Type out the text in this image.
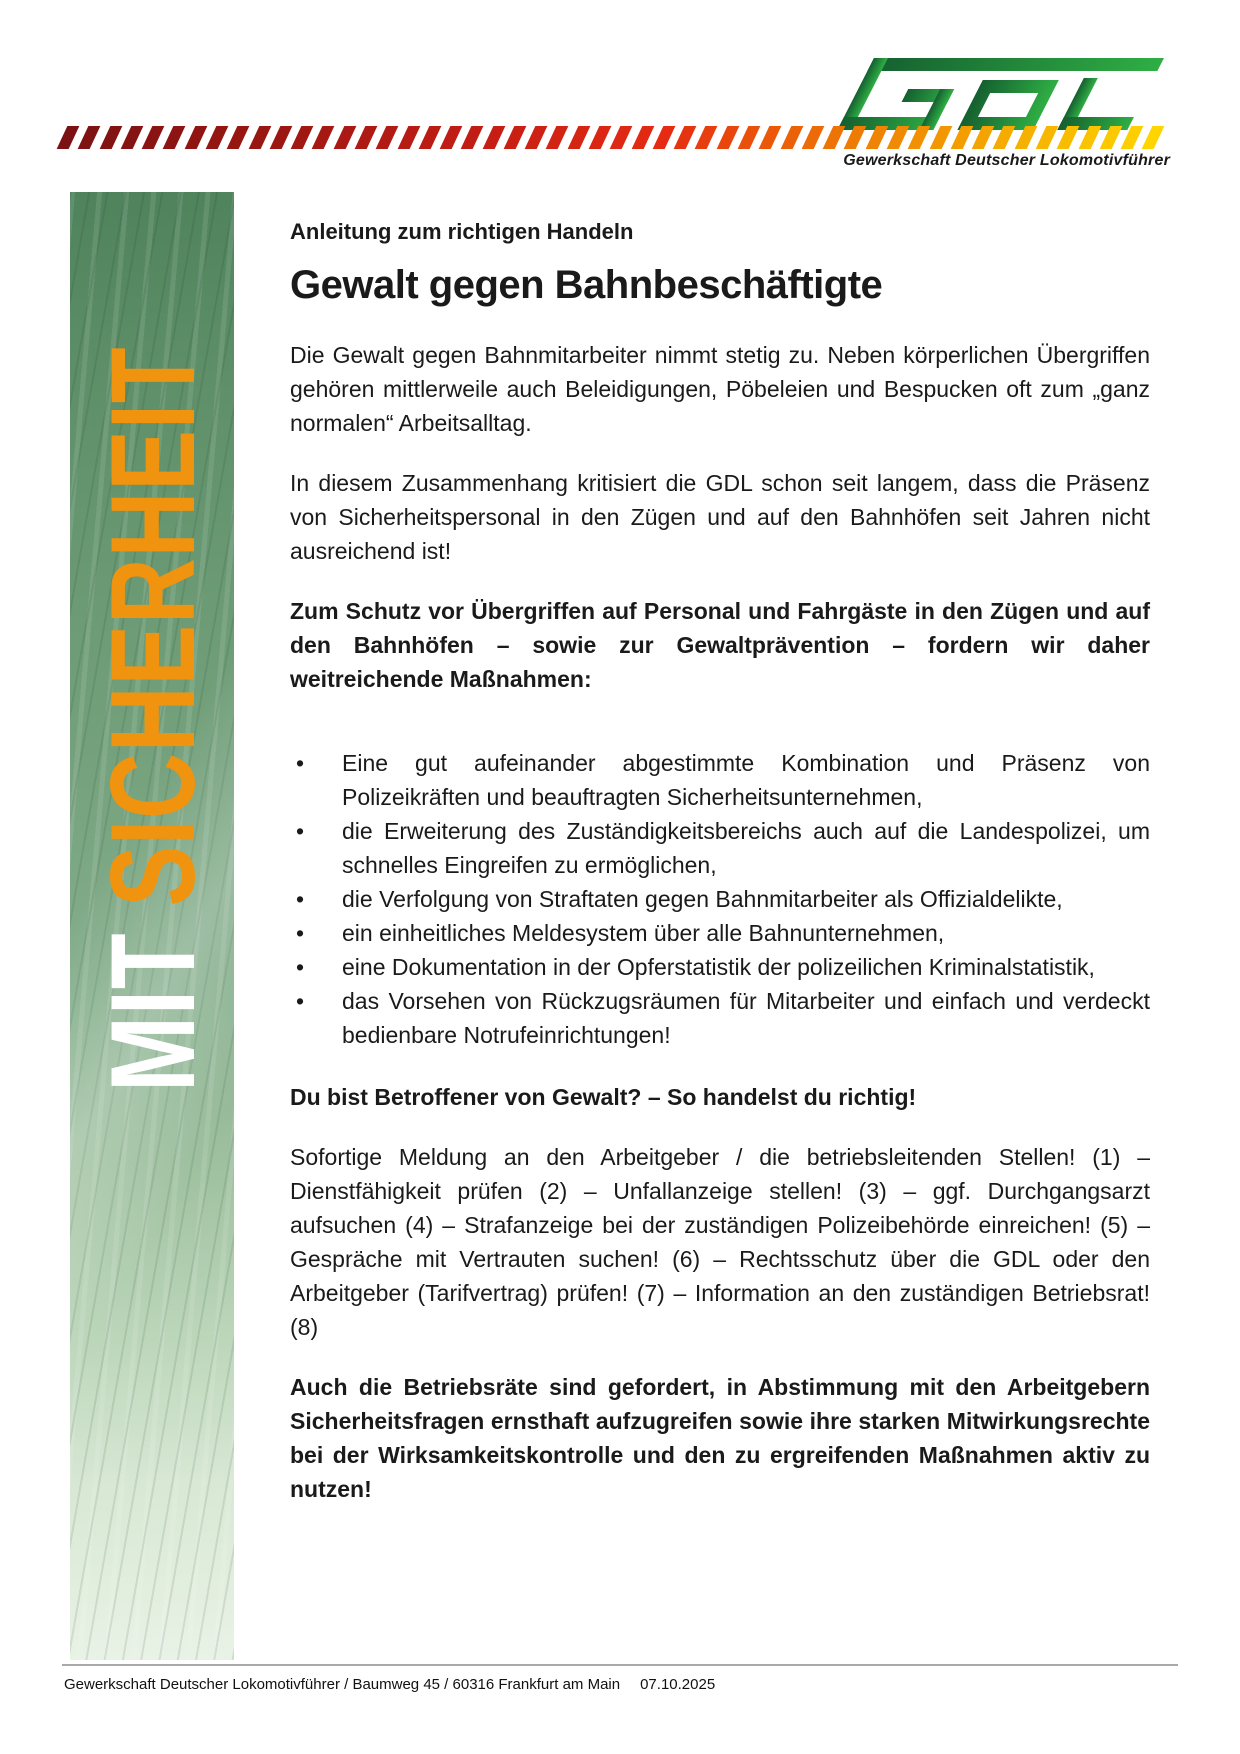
Gewerkschaft Deutscher Lokomotivführer
MIT SICHERHEIT
Anleitung zum richtigen Handeln
Gewalt gegen Bahnbeschäftigte

Die Gewalt gegen Bahnmitarbeiter nimmt stetig zu. Neben körperlichen Übergriffen gehören mittlerweile auch Beleidigungen, Pöbeleien und Bespucken oft zum „ganz normalen“ Arbeitsalltag.

In diesem Zusammenhang kritisiert die GDL schon seit langem, dass die Präsenz von Sicherheitspersonal in den Zügen und auf den Bahnhöfen seit Jahren nicht ausreichend ist!

Zum Schutz vor Übergriffen auf Personal und Fahrgäste in den Zügen und auf den Bahnhöfen – sowie zur Gewaltprävention – fordern wir daher weitreichende Maßnahmen:

• Eine gut aufeinander abgestimmte Kombination und Präsenz von Polizeikräften und beauftragten Sicherheitsunternehmen,
• die Erweiterung des Zuständigkeitsbereichs auch auf die Landespolizei, um schnelles Eingreifen zu ermöglichen,
• die Verfolgung von Straftaten gegen Bahnmitarbeiter als Offizialdelikte,
• ein einheitliches Meldesystem über alle Bahnunternehmen,
• eine Dokumentation in der Opferstatistik der polizeilichen Kriminalstatistik,
• das Vorsehen von Rückzugsräumen für Mitarbeiter und einfach und verdeckt bedienbare Notrufeinrichtungen!

Du bist Betroffener von Gewalt? – So handelst du richtig!

Sofortige Meldung an den Arbeitgeber / die betriebsleitenden Stellen! (1) – Dienstfähigkeit prüfen (2) – Unfallanzeige stellen! (3) – ggf. Durchgangsarzt aufsuchen (4) – Strafanzeige bei der zuständigen Polizeibehörde einreichen! (5) – Gespräche mit Vertrauten suchen! (6) – Rechtsschutz über die GDL oder den Arbeitgeber (Tarifvertrag) prüfen! (7) – Information an den zuständigen Betriebsrat! (8)

Auch die Betriebsräte sind gefordert, in Abstimmung mit den Arbeitgebern Sicherheitsfragen ernsthaft aufzugreifen sowie ihre starken Mitwirkungsrechte bei der Wirksamkeitskontrolle und den zu ergreifenden Maßnahmen aktiv zu nutzen!

Gewerkschaft Deutscher Lokomotivführer / Baumweg 45 / 60316 Frankfurt am Main 07.10.2025
